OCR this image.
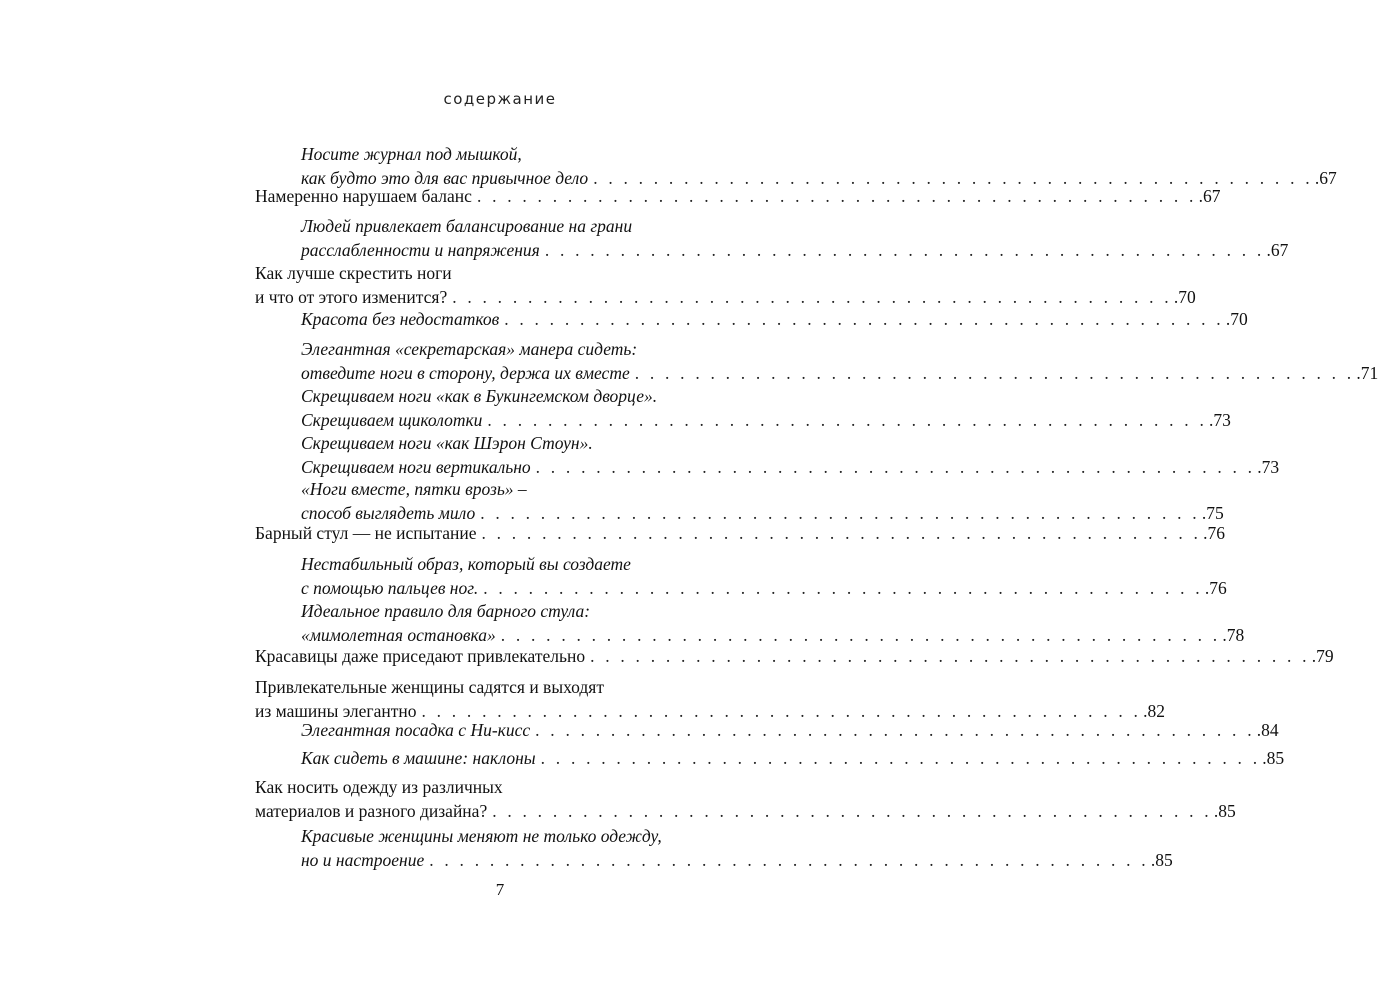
содержание
Носите журнал под мышкой,
как будто это для вас привычное дело . . . . . . . . . . . . . . . . . . . . . . . . . . . . . . . . . . . . . . . . . . . . . . . . .67
Намеренно нарушаем баланс . . . . . . . . . . . . . . . . . . . . . . . . . . . . . . . . . . . . . . . . . . . . . . . . .67
Людей привлекает балансирование на грани
расслабленности и напряжения . . . . . . . . . . . . . . . . . . . . . . . . . . . . . . . . . . . . . . . . . . . . . . . . .67
Как лучше скрестить ноги
и что от этого изменится? . . . . . . . . . . . . . . . . . . . . . . . . . . . . . . . . . . . . . . . . . . . . . . . . .70
Красота без недостатков . . . . . . . . . . . . . . . . . . . . . . . . . . . . . . . . . . . . . . . . . . . . . . . . .70
Элегантная «секретарская» манера сидеть:
отведите ноги в сторону, держа их вместе . . . . . . . . . . . . . . . . . . . . . . . . . . . . . . . . . . . . . . . . . . . . . . . . .71
Скрещиваем ноги «как в Букингемском дворце».
Скрещиваем щиколотки . . . . . . . . . . . . . . . . . . . . . . . . . . . . . . . . . . . . . . . . . . . . . . . . .73
Скрещиваем ноги «как Шэрон Стоун».
Скрещиваем ноги вертикально . . . . . . . . . . . . . . . . . . . . . . . . . . . . . . . . . . . . . . . . . . . . . . . . .73
«Ноги вместе, пятки врозь» –
способ выглядеть мило . . . . . . . . . . . . . . . . . . . . . . . . . . . . . . . . . . . . . . . . . . . . . . . . .75
Барный стул — не испытание . . . . . . . . . . . . . . . . . . . . . . . . . . . . . . . . . . . . . . . . . . . . . . . . .76
Нестабильный образ, который вы создаете
с помощью пальцев ног. . . . . . . . . . . . . . . . . . . . . . . . . . . . . . . . . . . . . . . . . . . . . . . . . .76
Идеальное правило для барного стула:
«мимолетная остановка» . . . . . . . . . . . . . . . . . . . . . . . . . . . . . . . . . . . . . . . . . . . . . . . . .78
Красавицы даже приседают привлекательно . . . . . . . . . . . . . . . . . . . . . . . . . . . . . . . . . . . . . . . . . . . . . . . . .79
Привлекательные женщины садятся и выходят
из машины элегантно . . . . . . . . . . . . . . . . . . . . . . . . . . . . . . . . . . . . . . . . . . . . . . . . .82
Элегантная посадка с Ни-кисс . . . . . . . . . . . . . . . . . . . . . . . . . . . . . . . . . . . . . . . . . . . . . . . . .84
Как сидеть в машине: наклоны . . . . . . . . . . . . . . . . . . . . . . . . . . . . . . . . . . . . . . . . . . . . . . . . .85
Как носить одежду из различных
материалов и разного дизайна? . . . . . . . . . . . . . . . . . . . . . . . . . . . . . . . . . . . . . . . . . . . . . . . . .85
Красивые женщины меняют не только одежду,
но и настроение . . . . . . . . . . . . . . . . . . . . . . . . . . . . . . . . . . . . . . . . . . . . . . . . .85
7
